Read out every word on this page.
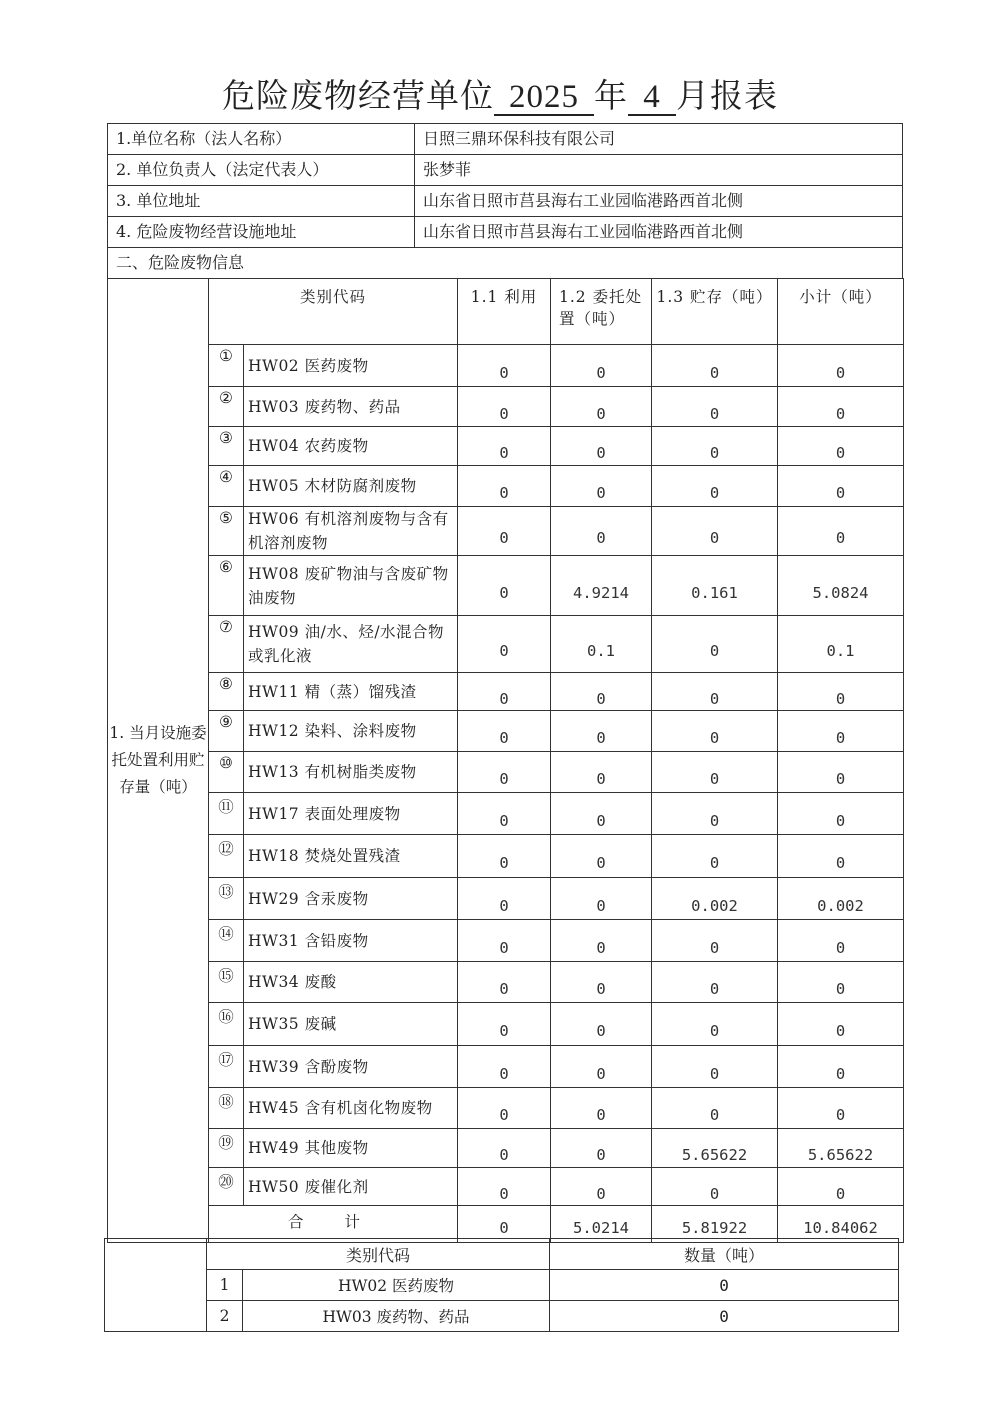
危险废物经营单位 2025 年 4 月报表
1.单位名称（法人名称）	日照三鼎环保科技有限公司
2. 单位负责人（法定代表人）	张梦菲
3. 单位地址	山东省日照市莒县海右工业园临港路西首北侧
4. 危险废物经营设施地址	山东省日照市莒县海右工业园临港路西首北侧
二、危险废物信息	
1. 当月设施委托处置利用贮存量（吨）	类别代码		1.1 利用	1.2 委托处置（吨）	1.3 贮存（吨）	小计（吨）
	①	HW02 医药废物	0	0	0	0
	②	HW03 废药物、药品	0	0	0	0
	③	HW04 农药废物	0	0	0	0
	④	HW05 木材防腐剂废物	0	0	0	0
	⑤	HW06 有机溶剂废物与含有机溶剂废物	0	0	0	0
	⑥	HW08 废矿物油与含废矿物油废物	0	4.9214	0.161	5.0824
	⑦	HW09 油/水、烃/水混合物或乳化液	0	0.1	0	0.1
	⑧	HW11 精（蒸）馏残渣	0	0	0	0
	⑨	HW12 染料、涂料废物	0	0	0	0
	⑩	HW13 有机树脂类废物	0	0	0	0
	⑪	HW17 表面处理废物	0	0	0	0
	⑫	HW18 焚烧处置残渣	0	0	0	0
	⑬	HW29 含汞废物	0	0	0.002	0.002
	⑭	HW31 含铅废物	0	0	0	0
	⑮	HW34 废酸	0	0	0	0
	⑯	HW35 废碱	0	0	0	0
	⑰	HW39 含酚废物	0	0	0	0
	⑱	HW45 含有机卤化物废物	0	0	0	0
	⑲	HW49 其他废物	0	0	5.65622	5.65622
	⑳	HW50 废催化剂	0	0	0	0
	合 计		0	5.0214	5.81922	10.84062
	类别代码		数量（吨）
	1	HW02 医药废物	0
	2	HW03 废药物、药品	0
